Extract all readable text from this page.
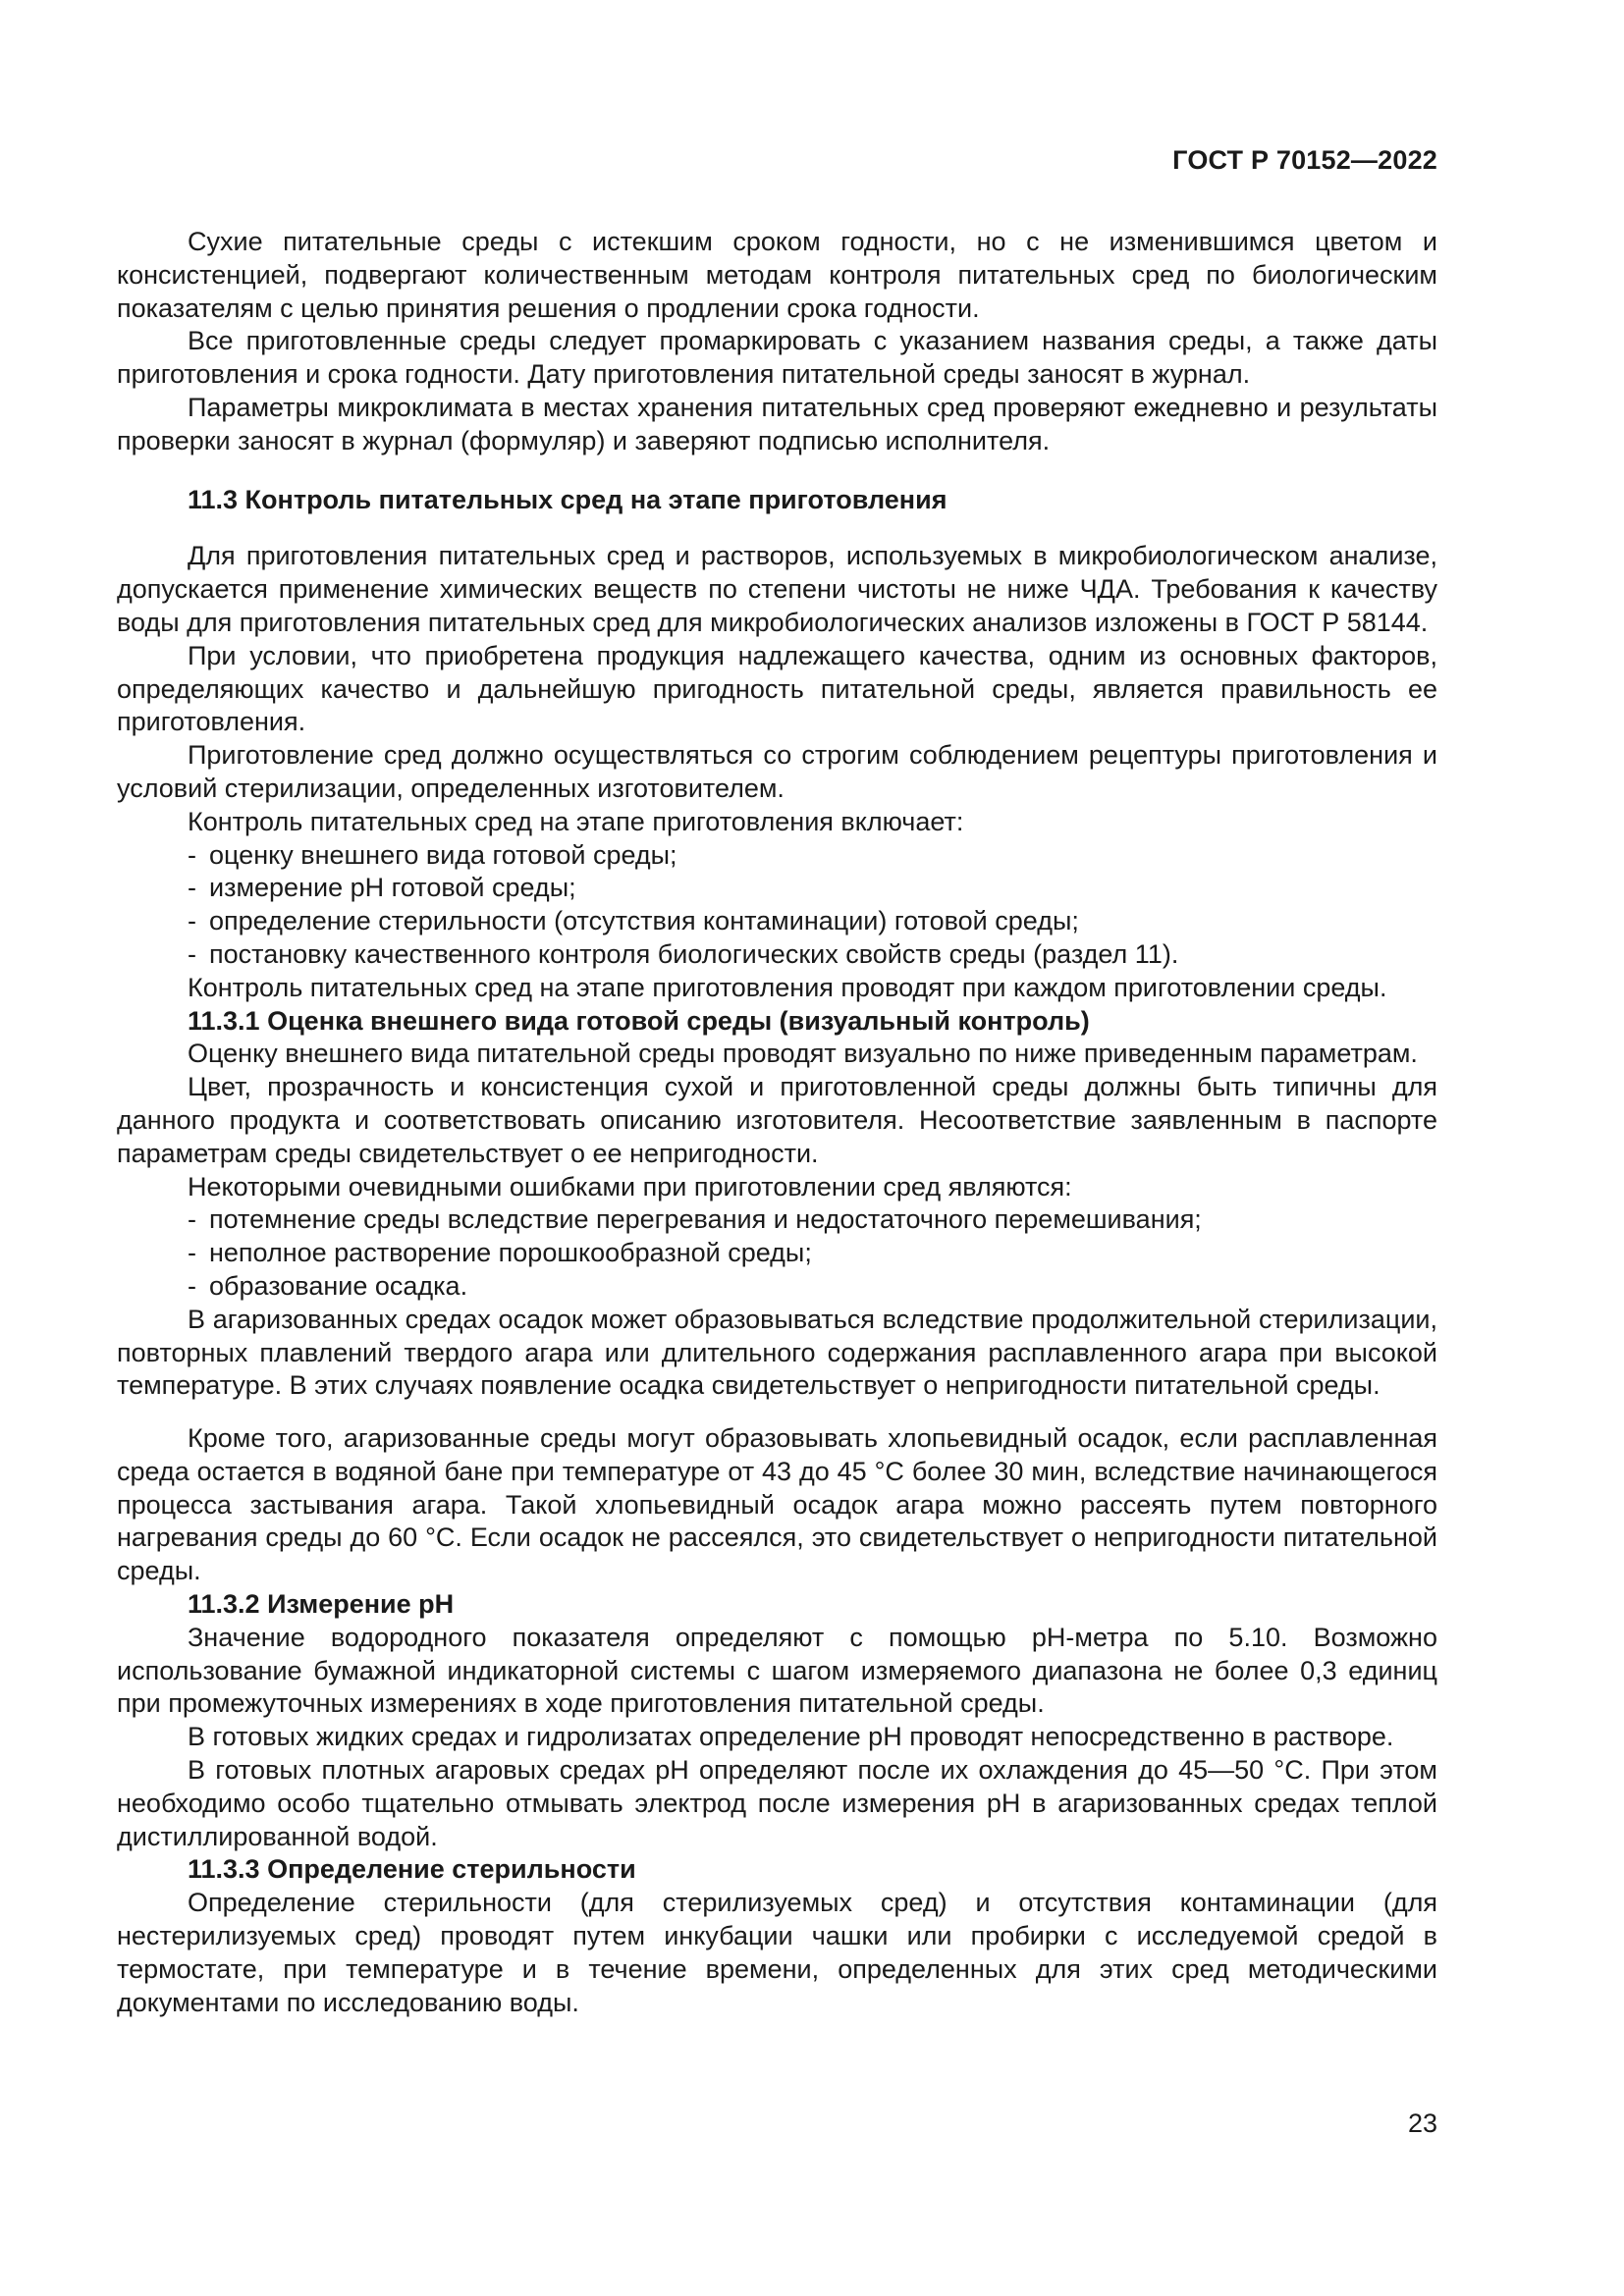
ГОСТ Р 70152—2022

Сухие питательные среды с истекшим сроком годности, но с не изменившимся цветом и консистенцией, подвергают количественным методам контроля питательных сред по биологическим показателям с целью принятия решения о продлении срока годности.

Все приготовленные среды следует промаркировать с указанием названия среды, а также даты приготовления и срока годности. Дату приготовления питательной среды заносят в журнал.

Параметры микроклимата в местах хранения питательных сред проверяют ежедневно и результаты проверки заносят в журнал (формуляр) и заверяют подписью исполнителя.

11.3 Контроль питательных сред на этапе приготовления

Для приготовления питательных сред и растворов, используемых в микробиологическом анализе, допускается применение химических веществ по степени чистоты не ниже ЧДА. Требования к качеству воды для приготовления питательных сред для микробиологических анализов изложены в ГОСТ Р 58144.

При условии, что приобретена продукция надлежащего качества, одним из основных факторов, определяющих качество и дальнейшую пригодность питательной среды, является правильность ее приготовления.

Приготовление сред должно осуществляться со строгим соблюдением рецептуры приготовления и условий стерилизации, определенных изготовителем.

Контроль питательных сред на этапе приготовления включает:

- оценку внешнего вида готовой среды;
- измерение pH готовой среды;
- определение стерильности (отсутствия контаминации) готовой среды;
- постановку качественного контроля биологических свойств среды (раздел 11).

Контроль питательных сред на этапе приготовления проводят при каждом приготовлении среды.

11.3.1 Оценка внешнего вида готовой среды (визуальный контроль)

Оценку внешнего вида питательной среды проводят визуально по ниже приведенным параметрам.

Цвет, прозрачность и консистенция сухой и приготовленной среды должны быть типичны для данного продукта и соответствовать описанию изготовителя. Несоответствие заявленным в паспорте параметрам среды свидетельствует о ее непригодности.

Некоторыми очевидными ошибками при приготовлении сред являются:

- потемнение среды вследствие перегревания и недостаточного перемешивания;
- неполное растворение порошкообразной среды;
- образование осадка.

В агаризованных средах осадок может образовываться вследствие продолжительной стерилизации, повторных плавлений твердого агара или длительного содержания расплавленного агара при высокой температуре. В этих случаях появление осадка свидетельствует о непригодности питательной среды.

Кроме того, агаризованные среды могут образовывать хлопьевидный осадок, если расплавленная среда остается в водяной бане при температуре от 43 до 45 °С более 30 мин, вследствие начинающегося процесса застывания агара. Такой хлопьевидный осадок агара можно рассеять путем повторного нагревания среды до 60 °С. Если осадок не рассеялся, это свидетельствует о непригодности питательной среды.

11.3.2 Измерение pH

Значение водородного показателя определяют с помощью pH-метра по 5.10. Возможно использование бумажной индикаторной системы с шагом измеряемого диапазона не более 0,3 единиц при промежуточных измерениях в ходе приготовления питательной среды.

В готовых жидких средах и гидролизатах определение pH проводят непосредственно в растворе.

В готовых плотных агаровых средах pH определяют после их охлаждения до 45—50 °С. При этом необходимо особо тщательно отмывать электрод после измерения pH в агаризованных средах теплой дистиллированной водой.

11.3.3 Определение стерильности

Определение стерильности (для стерилизуемых сред) и отсутствия контаминации (для нестерилизуемых сред) проводят путем инкубации чашки или пробирки с исследуемой средой в термостате, при температуре и в течение времени, определенных для этих сред методическими документами по исследованию воды.

23
